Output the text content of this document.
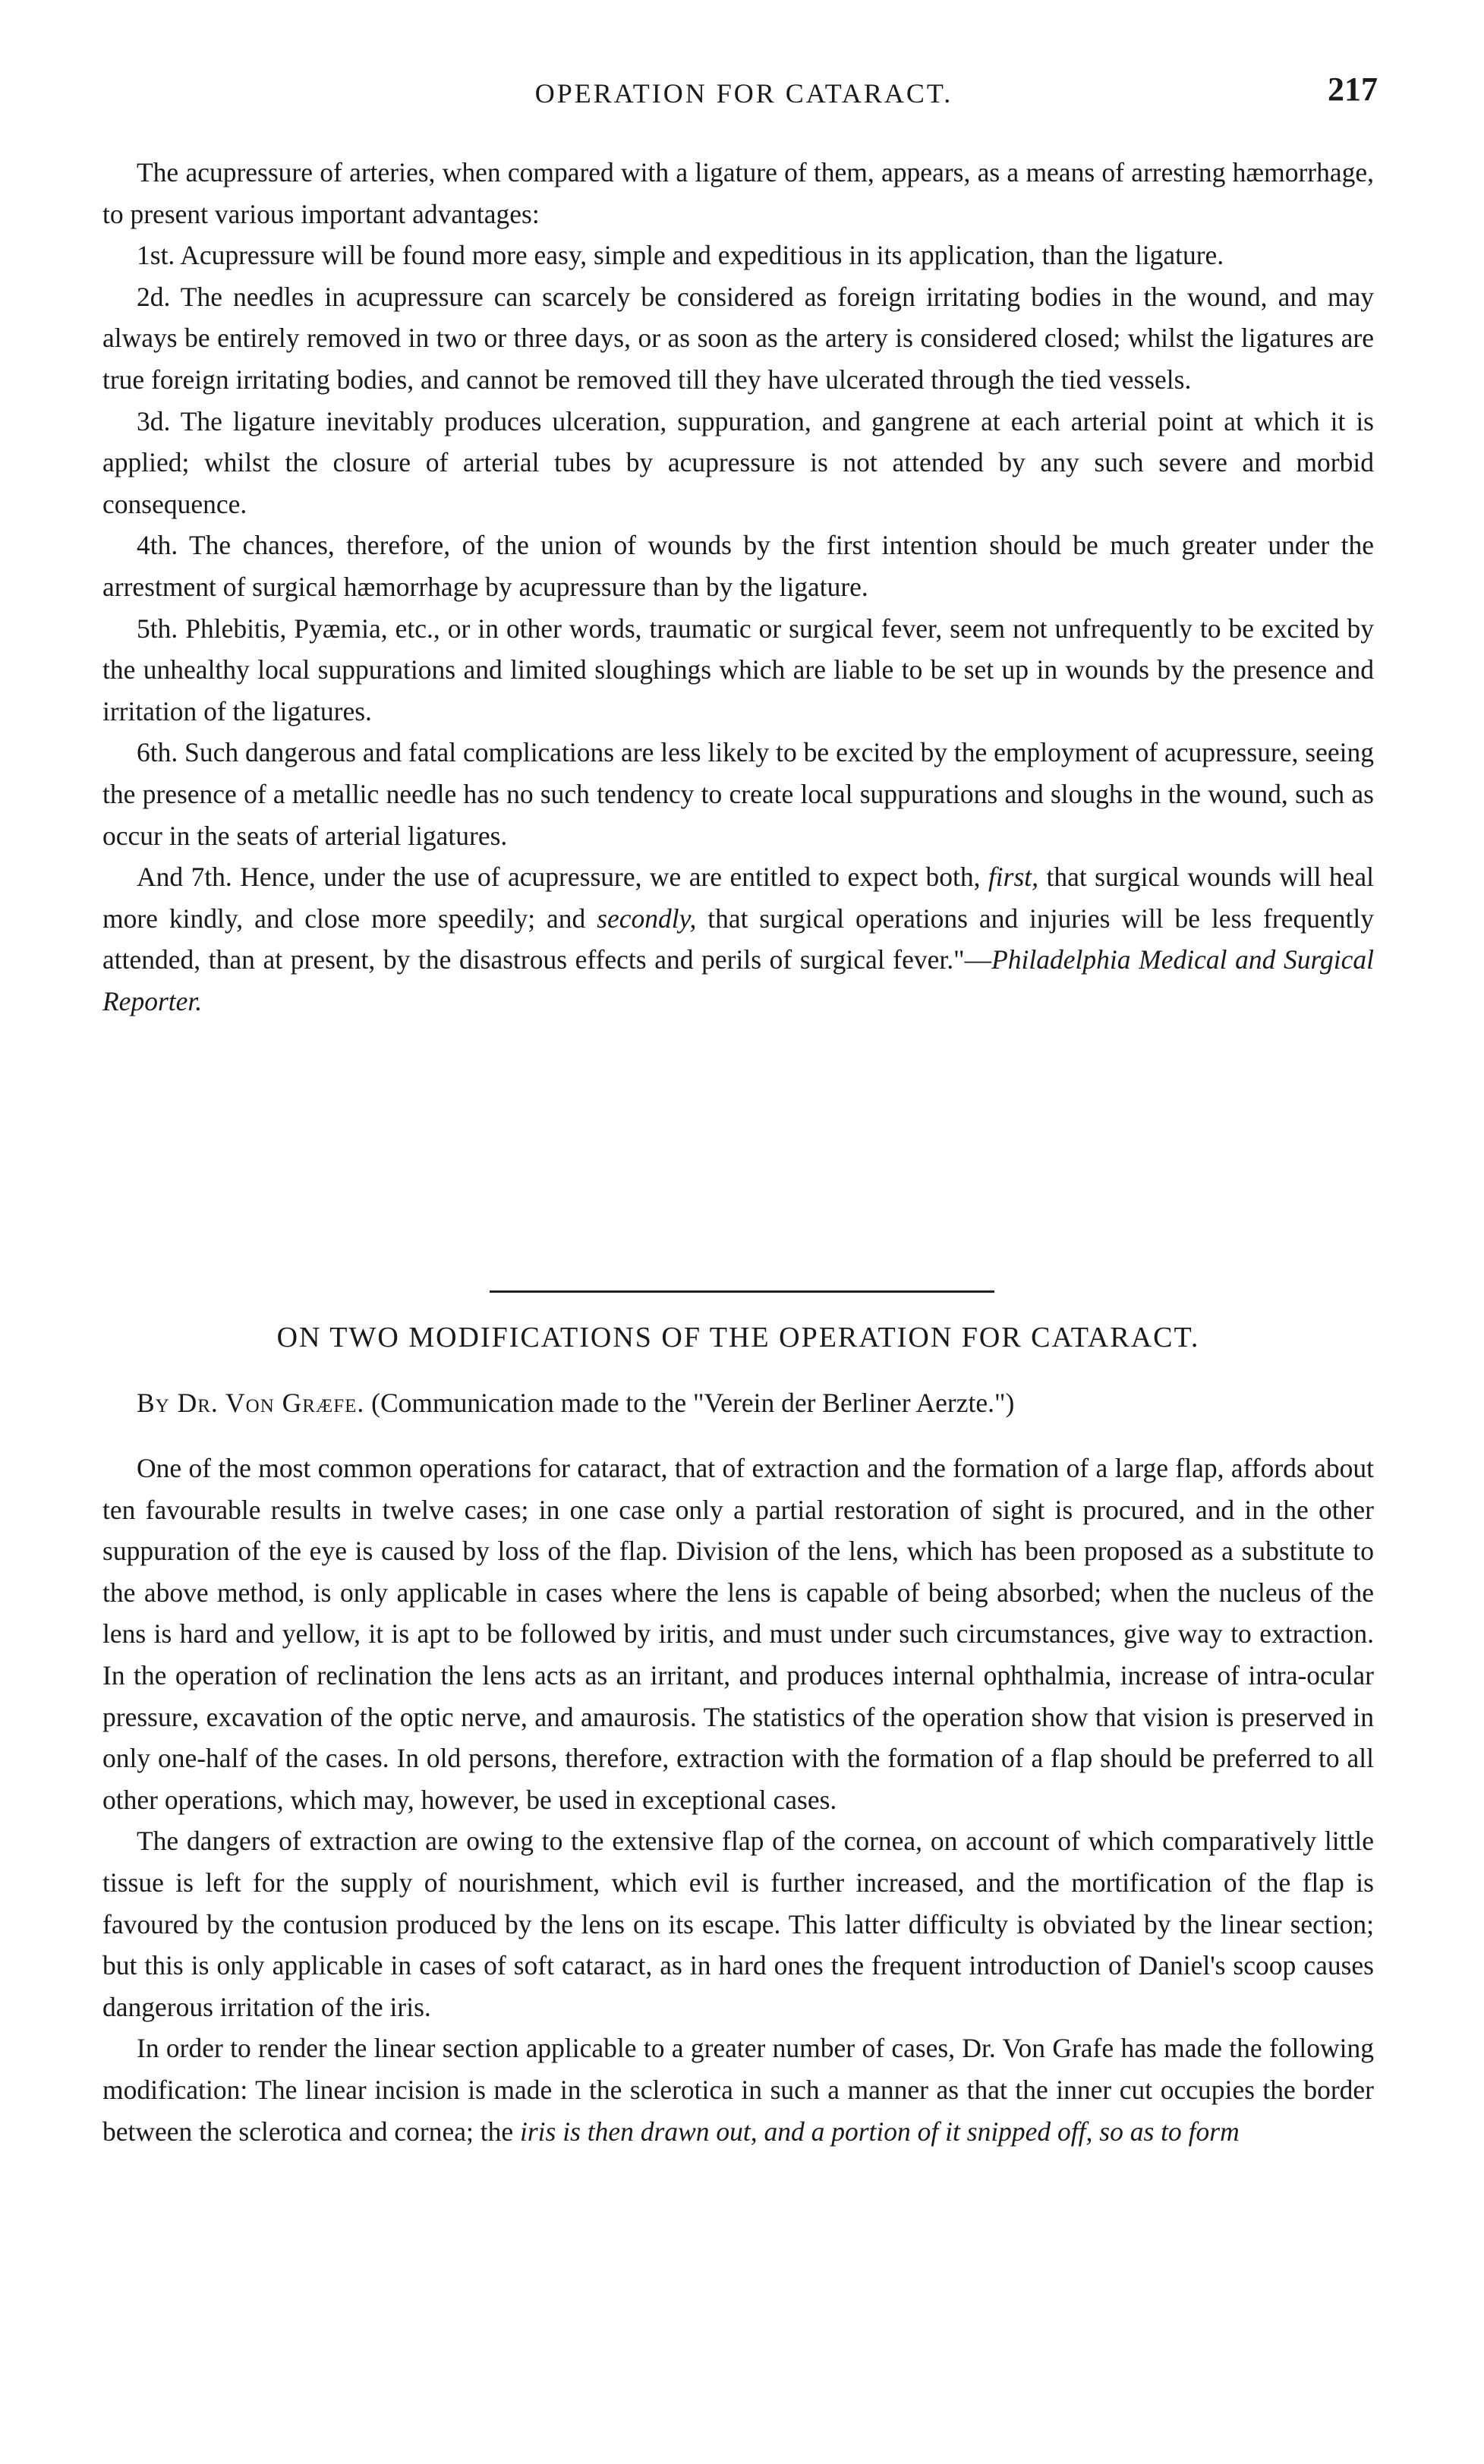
OPERATION FOR CATARACT.	217

The acupressure of arteries, when compared with a ligature of them, appears, as a means of arresting hæmorrhage, to present various important advantages:

1st. Acupressure will be found more easy, simple and expeditious in its application, than the ligature.

2d. The needles in acupressure can scarcely be considered as foreign irritating bodies in the wound, and may always be entirely removed in two or three days, or as soon as the artery is considered closed; whilst the ligatures are true foreign irritating bodies, and cannot be removed till they have ulcerated through the tied vessels.

3d. The ligature inevitably produces ulceration, suppuration, and gangrene at each arterial point at which it is applied; whilst the closure of arterial tubes by acupressure is not attended by any such severe and morbid consequence.

4th. The chances, therefore, of the union of wounds by the first intention should be much greater under the arrestment of surgical hæmorrhage by acupressure than by the ligature.

5th. Phlebitis, Pyæmia, etc., or in other words, traumatic or surgical fever, seem not unfrequently to be excited by the unhealthy local suppurations and limited sloughings which are liable to be set up in wounds by the presence and irritation of the ligatures.

6th. Such dangerous and fatal complications are less likely to be excited by the employment of acupressure, seeing the presence of a metallic needle has no such tendency to create local suppurations and sloughs in the wound, such as occur in the seats of arterial ligatures.

And 7th. Hence, under the use of acupressure, we are entitled to expect both, first, that surgical wounds will heal more kindly, and close more speedily; and secondly, that surgical operations and injuries will be less frequently attended, than at present, by the disastrous effects and perils of surgical fever."—Philadelphia Medical and Surgical Reporter.

ON TWO MODIFICATIONS OF THE OPERATION FOR CATARACT.
By Dr. Von Græfe. (Communication made to the "Verein der Berliner Aerzte.")

One of the most common operations for cataract, that of extraction and the formation of a large flap, affords about ten favourable results in twelve cases; in one case only a partial restoration of sight is procured, and in the other suppuration of the eye is caused by loss of the flap. Division of the lens, which has been proposed as a substitute to the above method, is only applicable in cases where the lens is capable of being absorbed; when the nucleus of the lens is hard and yellow, it is apt to be followed by iritis, and must under such circumstances, give way to extraction. In the operation of reclination the lens acts as an irritant, and produces internal ophthalmia, increase of intra-ocular pressure, excavation of the optic nerve, and amaurosis. The statistics of the operation show that vision is preserved in only one-half of the cases. In old persons, therefore, extraction with the formation of a flap should be preferred to all other operations, which may, however, be used in exceptional cases.

The dangers of extraction are owing to the extensive flap of the cornea, on account of which comparatively little tissue is left for the supply of nourishment, which evil is further increased, and the mortification of the flap is favoured by the contusion produced by the lens on its escape. This latter difficulty is obviated by the linear section; but this is only applicable in cases of soft cataract, as in hard ones the frequent introduction of Daniel's scoop causes dangerous irritation of the iris.

In order to render the linear section applicable to a greater number of cases, Dr. Von Grafe has made the following modification: The linear incision is made in the sclerotica in such a manner as that the inner cut occupies the border between the sclerotica and cornea; the iris is then drawn out, and a portion of it snipped off, so as to form
